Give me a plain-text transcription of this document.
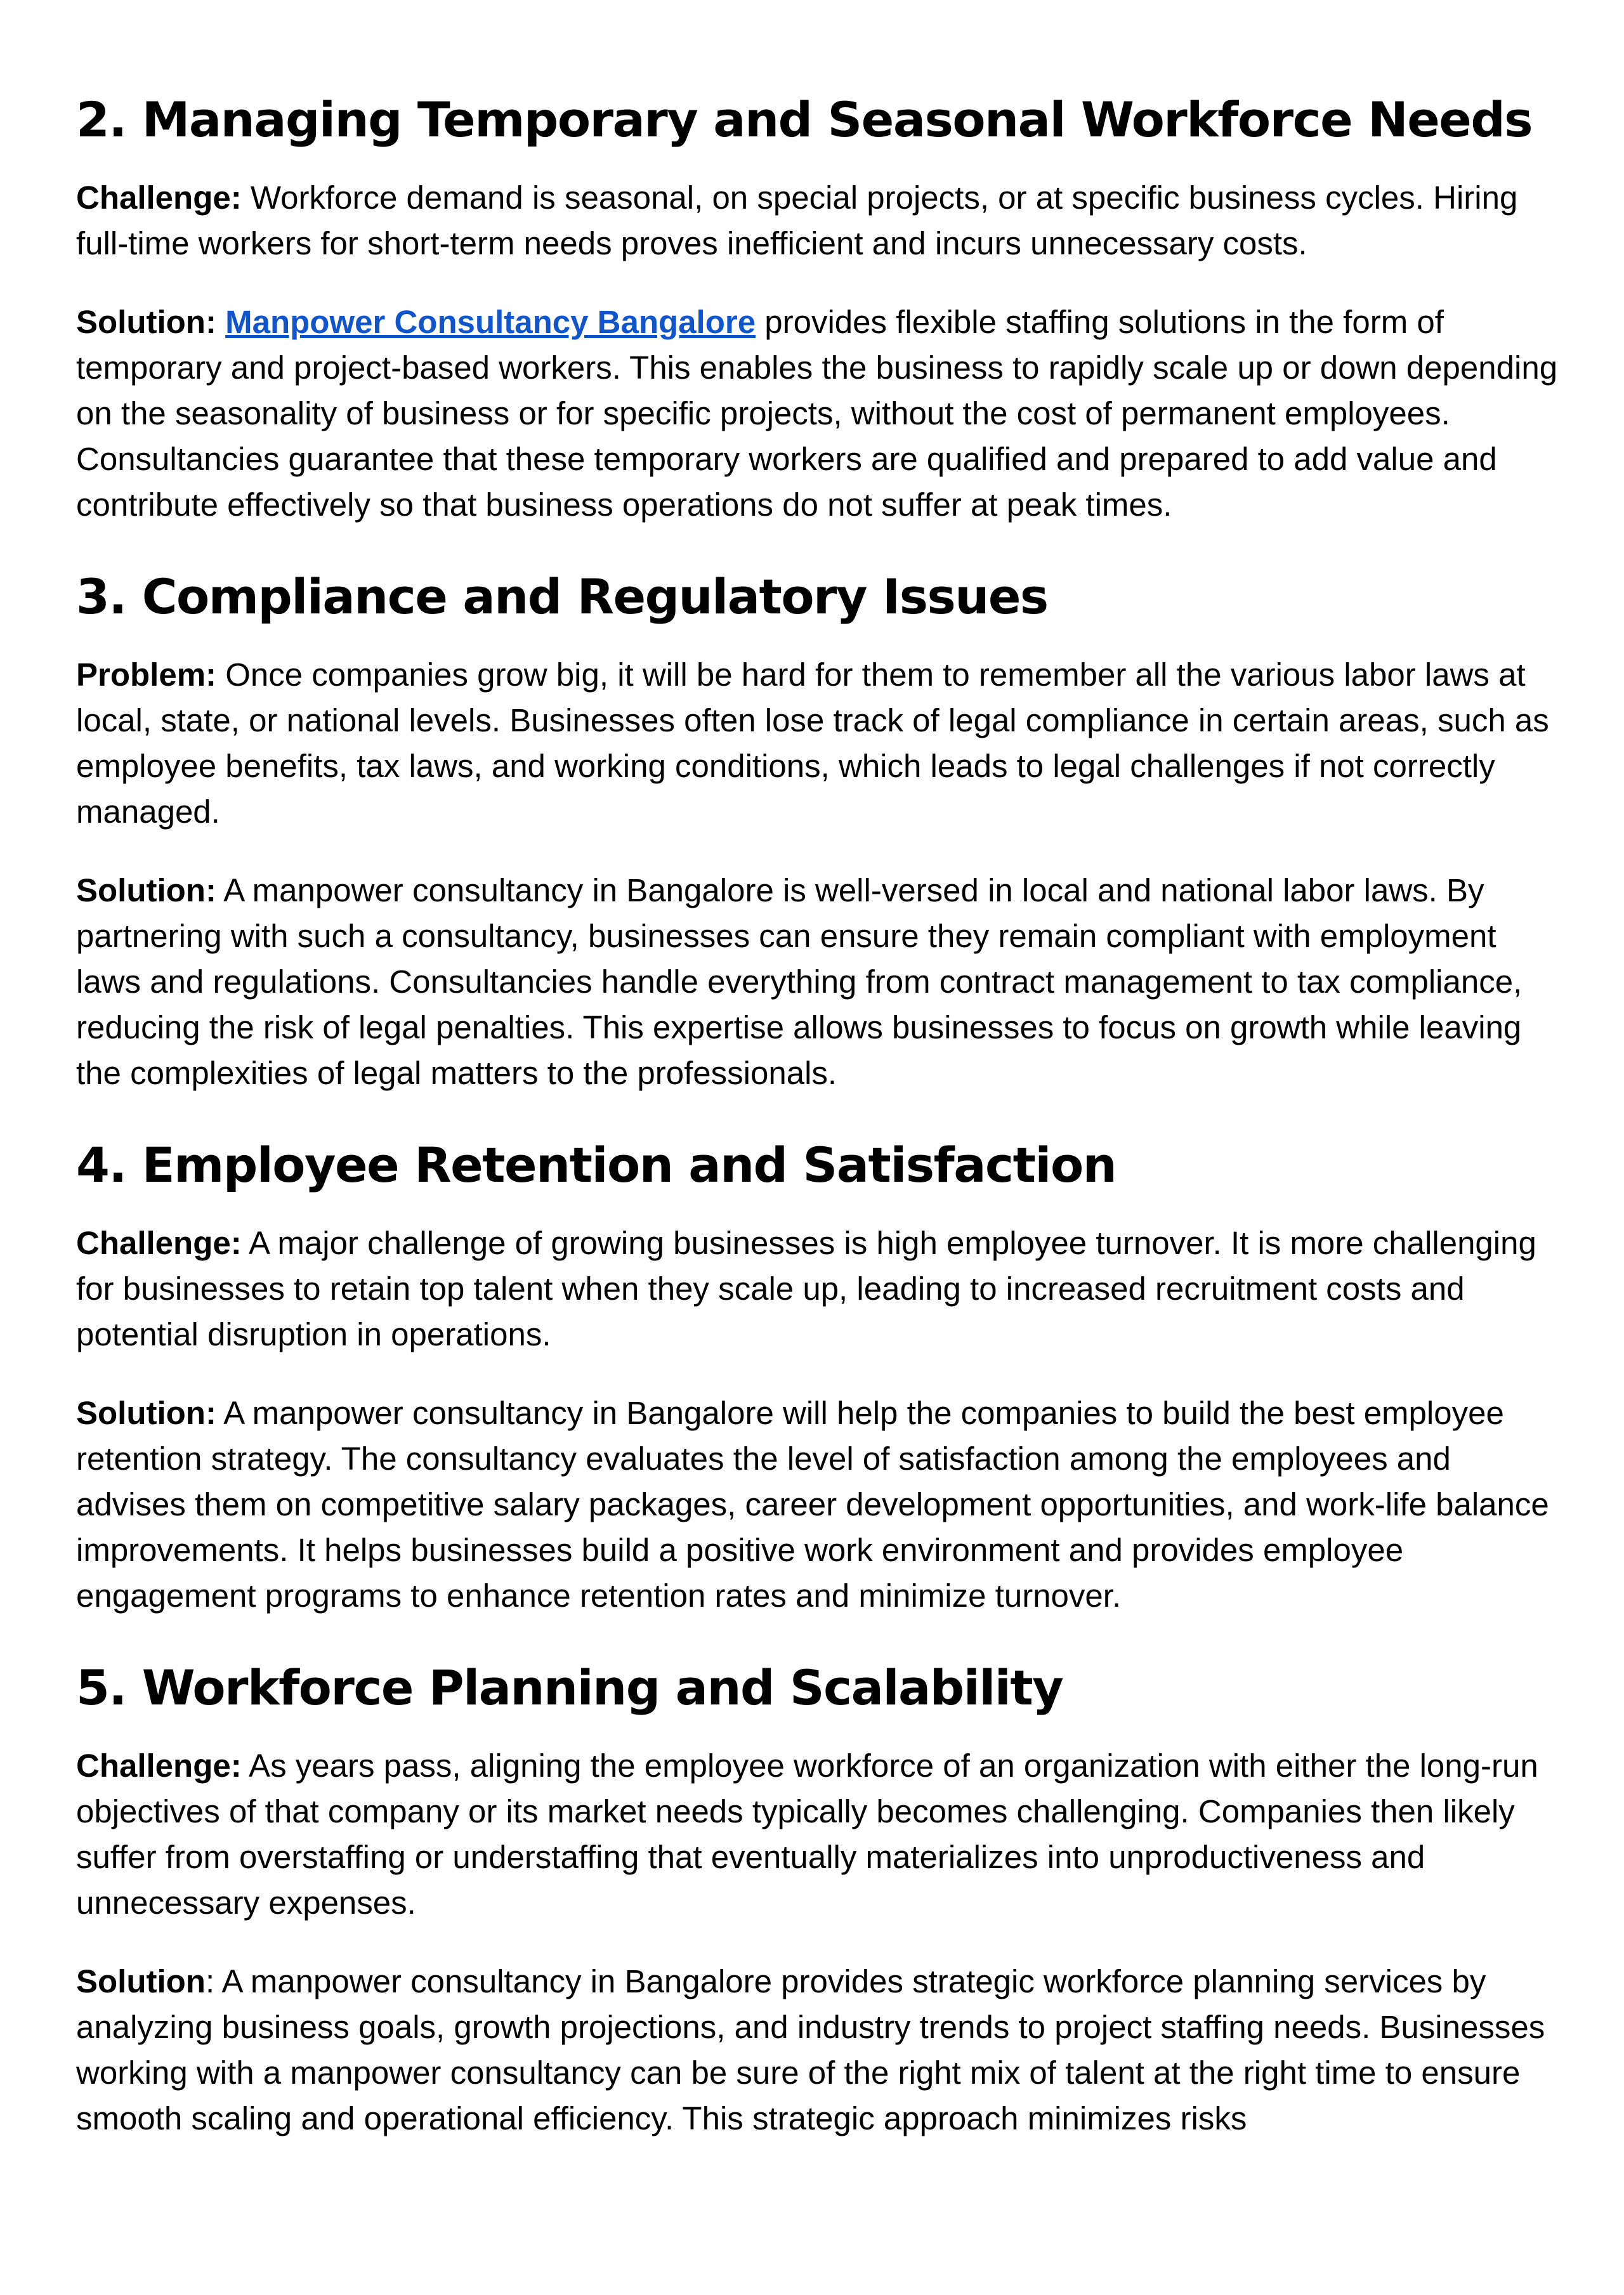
2. Managing Temporary and Seasonal Workforce Needs

Challenge: Workforce demand is seasonal, on special projects, or at specific business cycles. Hiring full-time workers for short-term needs proves inefficient and incurs unnecessary costs.

Solution: Manpower Consultancy Bangalore provides flexible staffing solutions in the form of temporary and project-based workers. This enables the business to rapidly scale up or down depending on the seasonality of business or for specific projects, without the cost of permanent employees. Consultancies guarantee that these temporary workers are qualified and prepared to add value and contribute effectively so that business operations do not suffer at peak times.

3. Compliance and Regulatory Issues

Problem: Once companies grow big, it will be hard for them to remember all the various labor laws at local, state, or national levels. Businesses often lose track of legal compliance in certain areas, such as employee benefits, tax laws, and working conditions, which leads to legal challenges if not correctly managed.

Solution: A manpower consultancy in Bangalore is well-versed in local and national labor laws. By partnering with such a consultancy, businesses can ensure they remain compliant with employment laws and regulations. Consultancies handle everything from contract management to tax compliance, reducing the risk of legal penalties. This expertise allows businesses to focus on growth while leaving the complexities of legal matters to the professionals.

4. Employee Retention and Satisfaction

Challenge: A major challenge of growing businesses is high employee turnover. It is more challenging for businesses to retain top talent when they scale up, leading to increased recruitment costs and potential disruption in operations.

Solution: A manpower consultancy in Bangalore will help the companies to build the best employee retention strategy. The consultancy evaluates the level of satisfaction among the employees and advises them on competitive salary packages, career development opportunities, and work-life balance improvements. It helps businesses build a positive work environment and provides employee engagement programs to enhance retention rates and minimize turnover.

5. Workforce Planning and Scalability

Challenge: As years pass, aligning the employee workforce of an organization with either the long-run objectives of that company or its market needs typically becomes challenging. Companies then likely suffer from overstaffing or understaffing that eventually materializes into unproductiveness and unnecessary expenses.

Solution: A manpower consultancy in Bangalore provides strategic workforce planning services by analyzing business goals, growth projections, and industry trends to project staffing needs. Businesses working with a manpower consultancy can be sure of the right mix of talent at the right time to ensure smooth scaling and operational efficiency. This strategic approach minimizes risks
